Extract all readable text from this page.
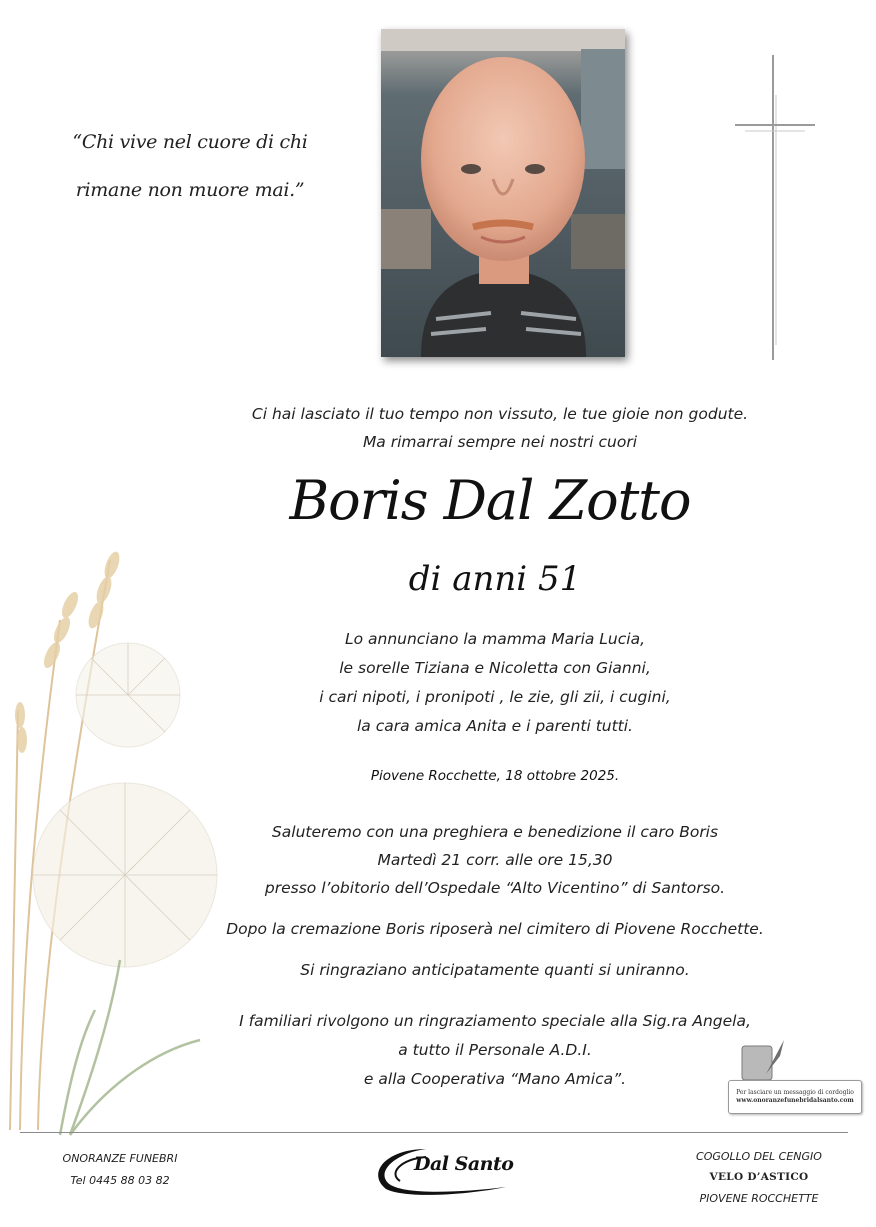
“Chi vive nel cuore di chi
rimane non muore mai.”
Ci hai lasciato il tuo tempo non vissuto, le tue gioie non godute.
Ma rimarrai sempre nei nostri cuori
Boris Dal Zotto
di anni 51
Lo annunciano la mamma Maria Lucia,
le sorelle Tiziana e Nicoletta con Gianni,
i cari nipoti, i pronipoti , le zie, gli zii, i cugini,
la cara amica Anita e i parenti tutti.
Piovene Rocchette, 18 ottobre 2025.
Saluteremo con una preghiera e benedizione il caro Boris
Martedì 21 corr. alle ore 15,30
presso l’obitorio dell’Ospedale “Alto Vicentino” di Santorso.
Dopo la cremazione Boris riposerà nel cimitero di Piovene Rocchette.
Si ringraziano anticipatamente quanti si uniranno.
I familiari rivolgono un ringraziamento speciale alla Sig.ra Angela,
a tutto il Personale A.D.I.
e alla Cooperativa “Mano Amica”.
Per lasciare un messaggio di cordoglio
www.onoranzefunebridalsanto.com
ONORANZE FUNEBRI
Tel 0445 88 03 82
Dal Santo	COGOLLO DEL CENGIO
VELO D’ASTICO
PIOVENE ROCCHETTE
